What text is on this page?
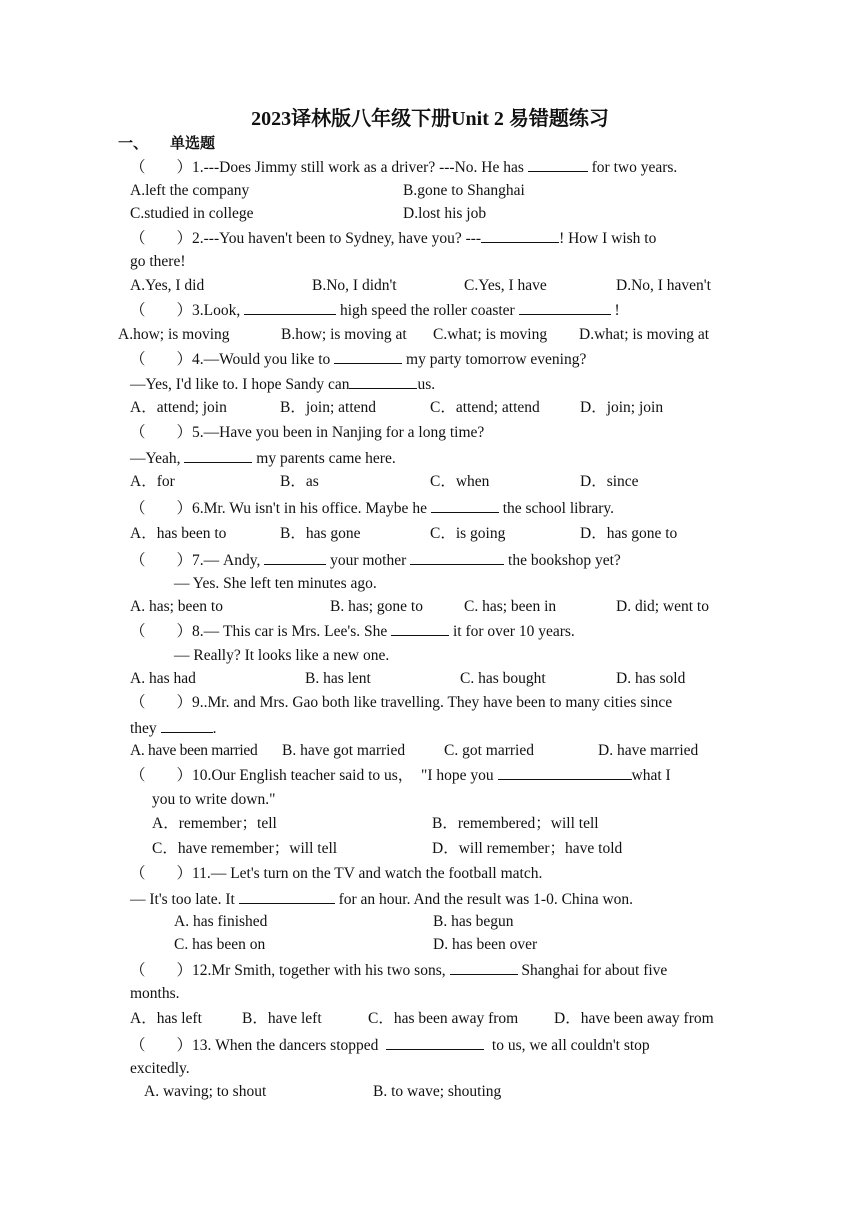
2023译林版八年级下册Unit 2 易错题练习
一、 单选题
（　　）1.---Does Jimmy still work as a driver? ---No. He has	for two years.
A.left the company	B.gone to Shanghai
C.studied in college	D.lost his job
（　　）2.---You haven't been to Sydney, have you? ---	! How I wish to
go there!
A.Yes, I did	B.No, I didn't	C.Yes, I have	D.No, I haven't
（　　）3.Look,	high speed the roller coaster	!
A.how; is moving	B.how; is moving at C.what; is moving D.what; is moving at
（　　）4.—Would you like to	my party tomorrow evening?
—Yes, I'd like to. I hope Sandy can	us.
A．attend; join	B．join; attend	C．attend; attend	D．join; join
（　　）5.—Have you been in Nanjing for a long time?
—Yeah,	my parents came here.
A．for	B．as	C．when	D．since
（　　）6.Mr. Wu isn't in his office. Maybe he	the school library.
A．has been to	B．has gone	C．is going	D．has gone to
（　　）7.— Andy,	your mother	the bookshop yet?
— Yes. She left ten minutes ago.
A. has; been to	B. has; gone to	C. has; been in	D. did; went to
（　　）8.— This car is Mrs. Lee's. She	it for over 10 years.
— Really? It looks like a new one.
A. has had	B. has lent	C. has bought	D. has sold
（　　）9..Mr. and Mrs. Gao both like travelling. They have been to many cities since
they	.
A. have been married B. have got married	C. got married	D. have married
（　　）10.Our English teacher said to us， "I hope you	what I
you to write down."
A．remember；tell	B．remembered；will tell
C．have remember；will tell	D．will remember；have told
（　　）11.— Let's turn on the TV and watch the football match.
— It's too late. It	for an hour. And the result was 1-0. China won.
A. has finished	B. has begun
C. has been on	D. has been over
（　　）12.Mr Smith, together with his two sons,	Shanghai for about five
months.
A．has left	B．have left	C．has been away from D．have been away from
（　　）13. When the dancers stopped	to us, we all couldn't stop
excitedly.
A. waving; to shout	B. to wave; shouting
